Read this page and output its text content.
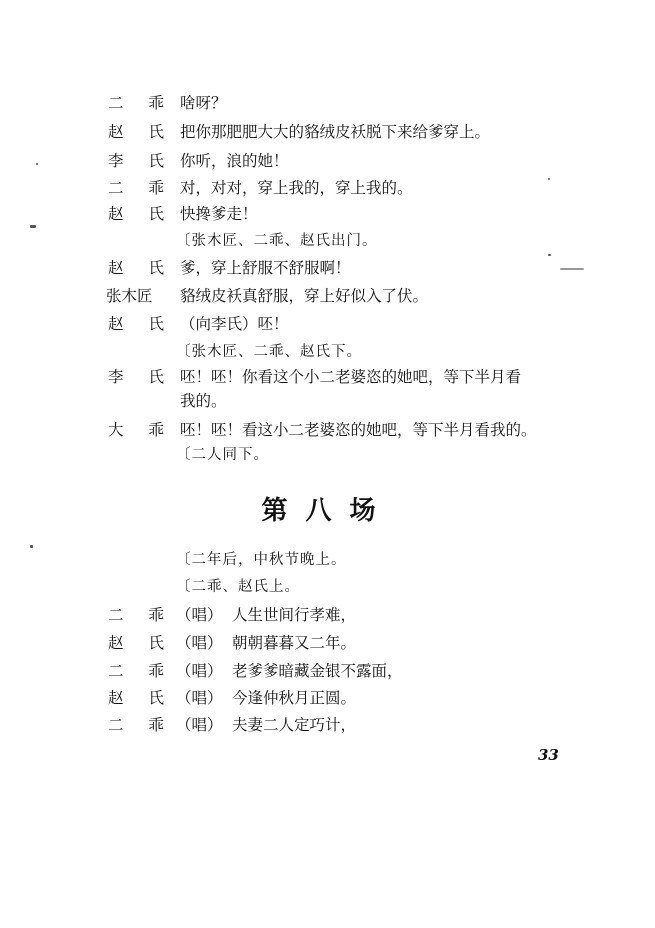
二 乖 啥呀？
赵 氏 把你那肥肥大大的貉绒皮袄脱下来给爹穿上。
李 氏 你听，浪的她！
二 乖 对，对对，穿上我的，穿上我的。
赵 氏 快搀爹走！
〔张木匠、二乖、赵氏出门。
赵 氏 爹，穿上舒服不舒服啊！
张木匠	貉绒皮袄真舒服，穿上好似入了伏。
赵 氏 （向李氏）呸！
〔张木匠、二乖、赵氏下。
李 氏 呸！呸！你看这个小二老婆恣的她吧，等下半月看
我的。
大 乖 呸！呸！看这小二老婆恣的她吧，等下半月看我的。
〔二人同下。
第八场
〔二年后，中秋节晚上。
〔二乖、赵氏上。
二 乖 （唱） 人生世间行孝难，
赵 氏 （唱） 朝朝暮暮又二年。
二 乖 （唱） 老爹爹暗藏金银不露面，
赵 氏 （唱） 今逢仲秋月正圆。
二 乖 （唱） 夫妻二人定巧计，
33
